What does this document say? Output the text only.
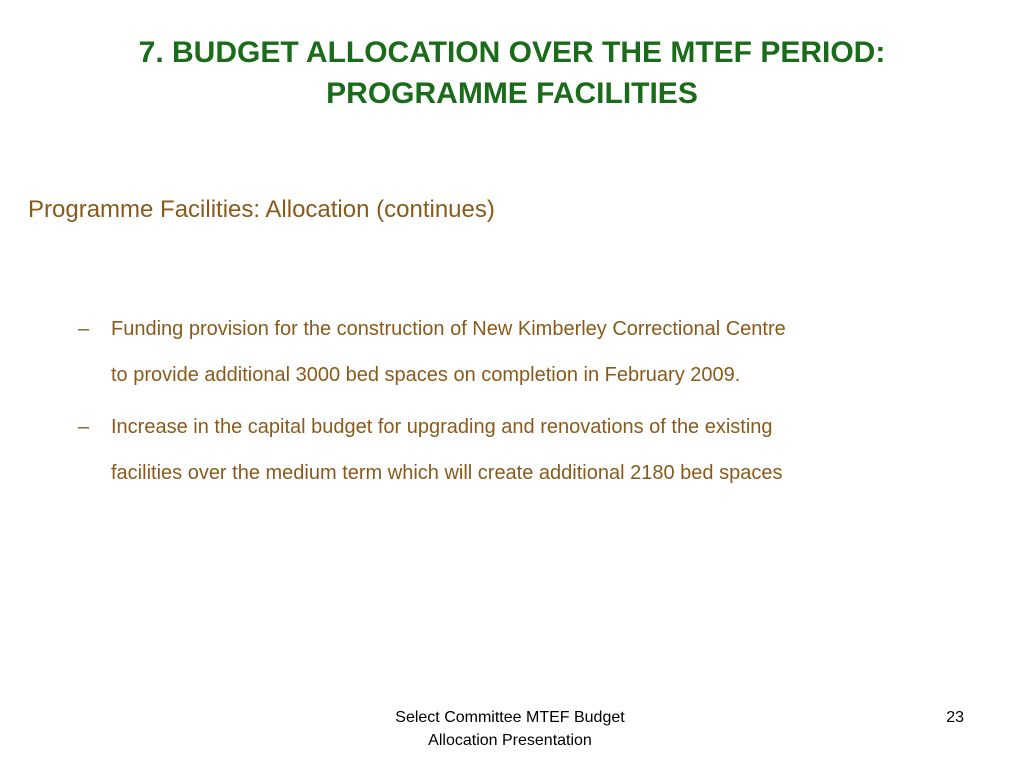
7. BUDGET ALLOCATION OVER THE MTEF PERIOD:
PROGRAMME FACILITIES
Programme Facilities: Allocation (continues)
– Funding provision for the construction of New Kimberley Correctional Centre
to provide additional 3000 bed spaces on completion in February 2009.
– Increase in the capital budget for upgrading and renovations of the existing
facilities over the medium term which will create additional 2180 bed spaces
Select Committee MTEF Budget
Allocation Presentation
23
